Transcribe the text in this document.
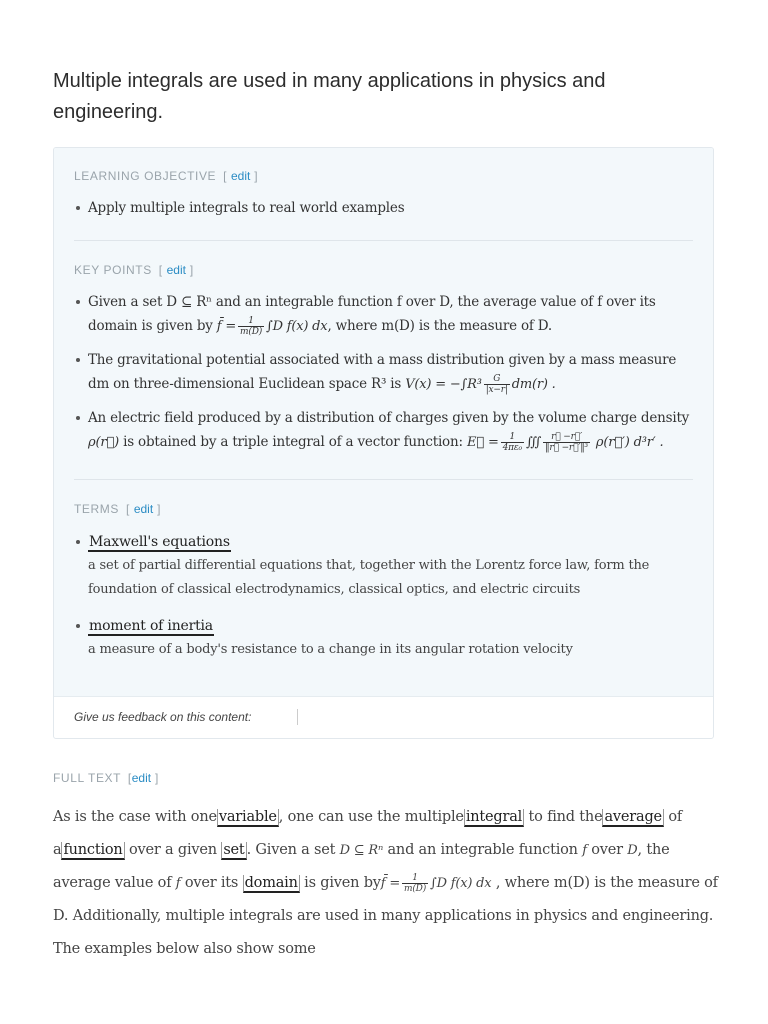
Multiple integrals are used in many applications in physics and engineering.
LEARNING OBJECTIVE [ edit ]
Apply multiple integrals to real world examples
KEY POINTS [ edit ]
Given a set D ⊆ Rⁿ and an integrable function f over D, the average value of f over its domain is given by f̄ = $\frac{1}{m(D)} \int D$ f(x) dx, where m(D) is the measure of D.
The gravitational potential associated with a mass distribution given by a mass measure dm on three-dimensional Euclidean space R³ is $V(x) = -\int R^3 \frac{G}{|x-r|} dm(r)$ .
An electric field produced by a distribution of charges given by the volume charge density ρ(r⃗) is obtained by a triple integral of a vector function: E⃗ = $\frac{1}{\text{4πε₀}}$ ∭ $\frac{r⃗ -r⃗'}{\text{‖r⃗ −r⃗′‖³}}$ ρ(r⃗′) d³r′ .
TERMS [ edit ]
Maxwell's equations
a set of partial differential equations that, together with the Lorentz force law, form the foundation of classical electrodynamics, classical optics, and electric circuits
moment of inertia
a measure of a body's resistance to a change in its angular rotation velocity
Give us feedback on this content:
FULL TEXT [edit ]

As is the case with one variable , one can use the multiple integral to find the average of a function over a given set . Given a set D ⊆ Rⁿ and an integrable function f over D, the average value of f over its domain is given byf̄ = $\frac{1}{m(D)} \int D$ f(x) dx , where m(D) is the measure of D. Additionally, multiple integrals are used in many applications in physics and engineering. The examples below also show some
